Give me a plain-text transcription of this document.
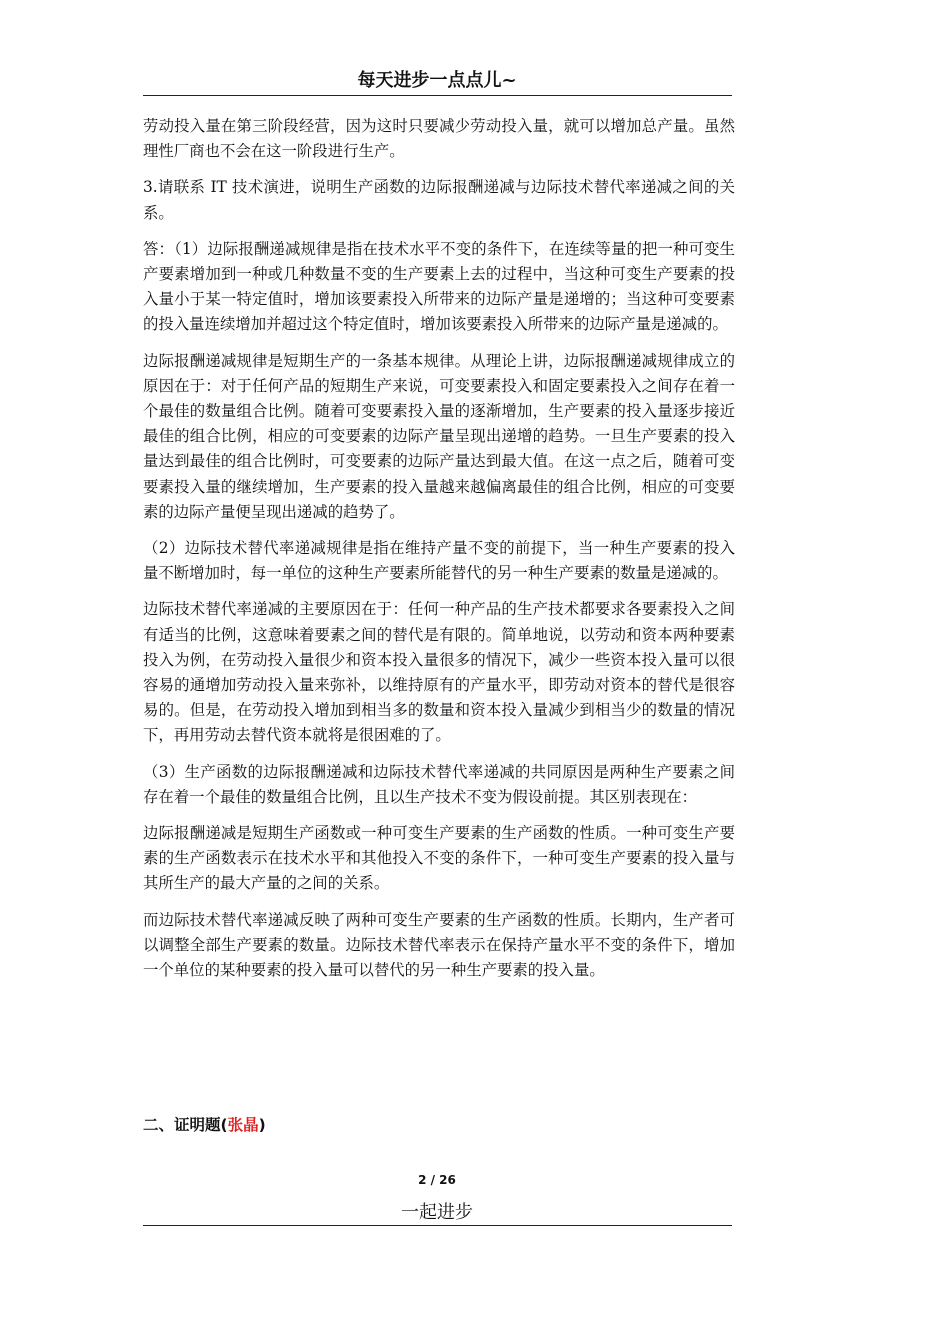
每天进步一点点儿~

劳动投入量在第三阶段经营，因为这时只要减少劳动投入量，就可以增加总产量。虽然理性厂商也不会在这一阶段进行生产。

3.请联系 IT 技术演进，说明生产函数的边际报酬递减与边际技术替代率递减之间的关系。

答：（1）边际报酬递减规律是指在技术水平不变的条件下，在连续等量的把一种可变生产要素增加到一种或几种数量不变的生产要素上去的过程中，当这种可变生产要素的投入量小于某一特定值时，增加该要素投入所带来的边际产量是递增的；当这种可变要素的投入量连续增加并超过这个特定值时，增加该要素投入所带来的边际产量是递减的。

边际报酬递减规律是短期生产的一条基本规律。从理论上讲，边际报酬递减规律成立的原因在于：对于任何产品的短期生产来说，可变要素投入和固定要素投入之间存在着一个最佳的数量组合比例。随着可变要素投入量的逐渐增加，生产要素的投入量逐步接近最佳的组合比例，相应的可变要素的边际产量呈现出递增的趋势。一旦生产要素的投入量达到最佳的组合比例时，可变要素的边际产量达到最大值。在这一点之后，随着可变要素投入量的继续增加，生产要素的投入量越来越偏离最佳的组合比例，相应的可变要素的边际产量便呈现出递减的趋势了。

（2）边际技术替代率递减规律是指在维持产量不变的前提下，当一种生产要素的投入量不断增加时，每一单位的这种生产要素所能替代的另一种生产要素的数量是递减的。

边际技术替代率递减的主要原因在于：任何一种产品的生产技术都要求各要素投入之间有适当的比例，这意味着要素之间的替代是有限的。简单地说，以劳动和资本两种要素投入为例，在劳动投入量很少和资本投入量很多的情况下，减少一些资本投入量可以很容易的通增加劳动投入量来弥补，以维持原有的产量水平，即劳动对资本的替代是很容易的。但是，在劳动投入增加到相当多的数量和资本投入量减少到相当少的数量的情况下，再用劳动去替代资本就将是很困难的了。

（3）生产函数的边际报酬递减和边际技术替代率递减的共同原因是两种生产要素之间存在着一个最佳的数量组合比例，且以生产技术不变为假设前提。其区别表现在：

边际报酬递减是短期生产函数或一种可变生产要素的生产函数的性质。一种可变生产要素的生产函数表示在技术水平和其他投入不变的条件下，一种可变生产要素的投入量与其所生产的最大产量的之间的关系。

而边际技术替代率递减反映了两种可变生产要素的生产函数的性质。长期内，生产者可以调整全部生产要素的数量。边际技术替代率表示在保持产量水平不变的条件下，增加一个单位的某种要素的投入量可以替代的另一种生产要素的投入量。

二、证明题(张晶)
2 / 26
一起进步
